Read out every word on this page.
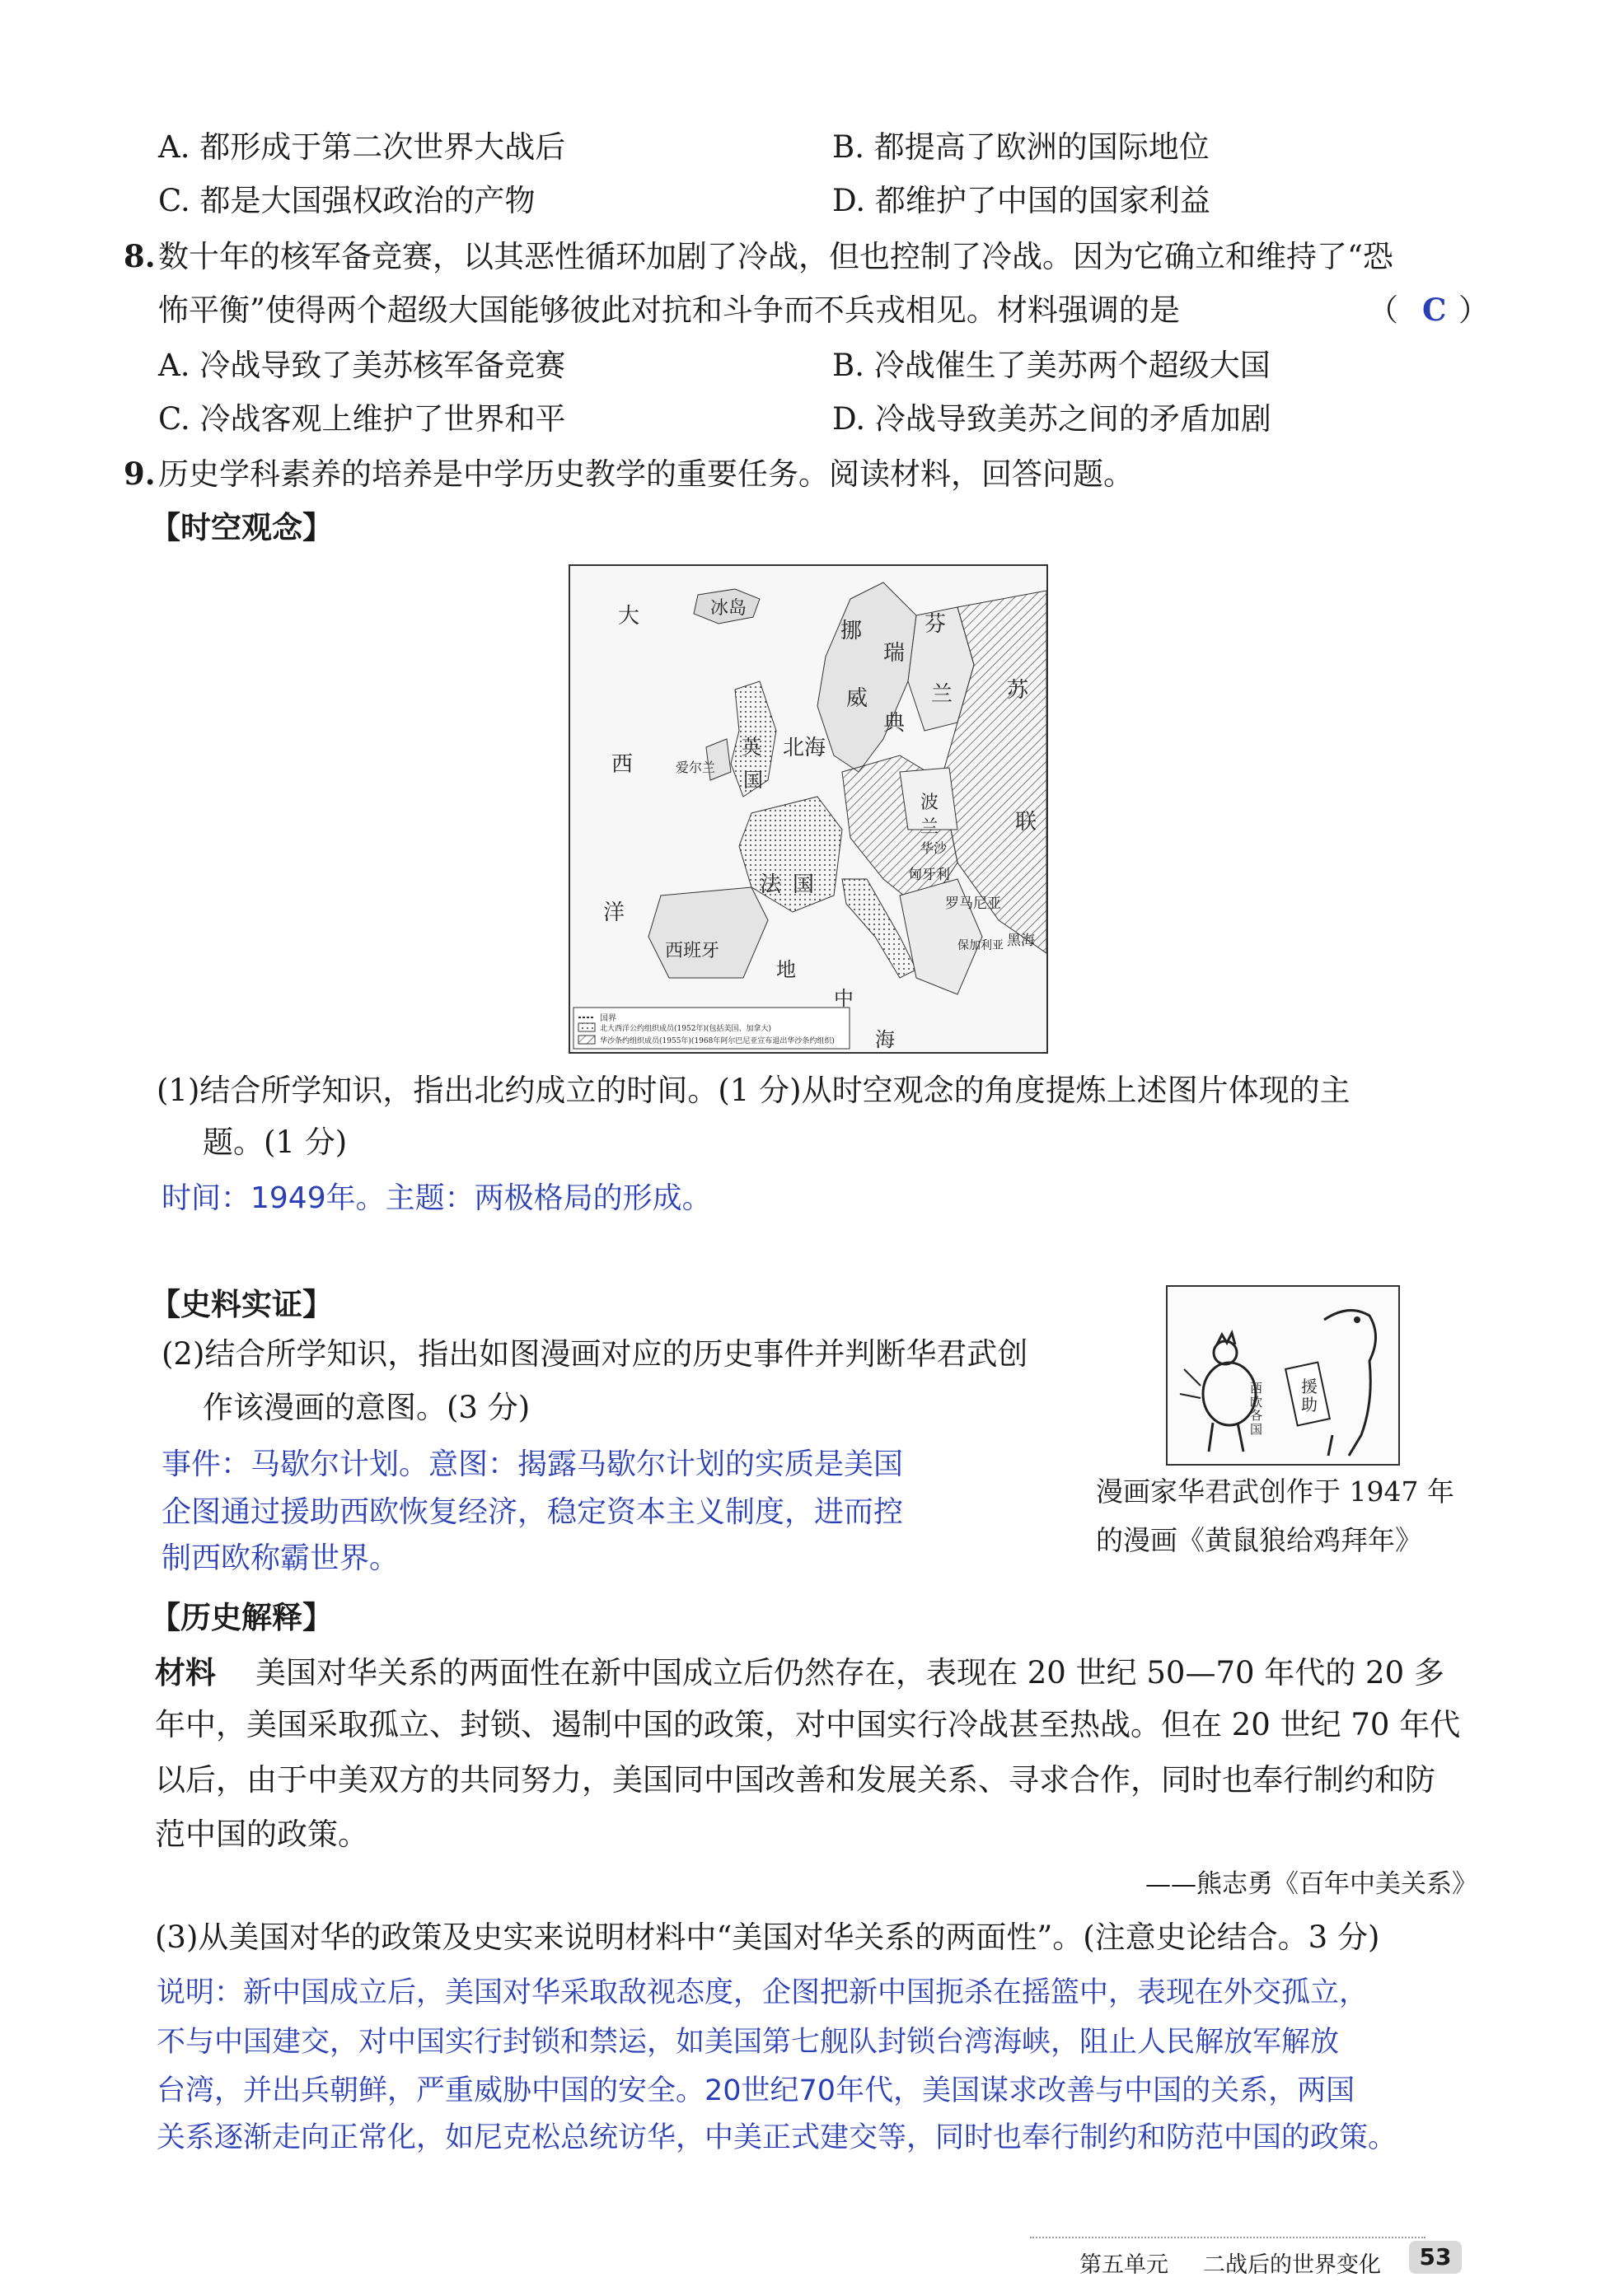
A. 都形成于第二次世界大战后	B. 都提高了欧洲的国际地位
C. 都是大国强权政治的产物	D. 都维护了中国的国家利益
8. 数十年的核军备竞赛，以其恶性循环加剧了冷战，但也控制了冷战。因为它确立和维持了“恐
怖平衡”使得两个超级大国能够彼此对抗和斗争而不兵戎相见。材料强调的是	（ C ）
A. 冷战导致了美苏核军备竞赛	B. 冷战催生了美苏两个超级大国
C. 冷战客观上维护了世界和平	D. 冷战导致美苏之间的矛盾加剧
9. 历史学科素养的培养是中学历史教学的重要任务。阅读材料，回答问题。
【时空观念】
冰岛
大
西
洋
挪
威
瑞
典
芬
兰	苏
联
北海
英
国
爱尔兰
波
兰
华沙
法 国
西班牙
地
中
海
罗马尼亚
匈牙利
黑海
保加利亚
国界
北大西洋公约组织成员(1952年)(包括美国、加拿大)
华沙条约组织成员(1955年)(1968年阿尔巴尼亚宣布退出华沙条约组织)
(1)结合所学知识，指出北约成立的时间。(1 分)从时空观念的角度提炼上述图片体现的主
题。(1 分)
时间：1949年。主题：两极格局的形成。
【史料实证】
(2)结合所学知识，指出如图漫画对应的历史事件并判断华君武创
作该漫画的意图。(3 分)
事件：马歇尔计划。意图：揭露马歇尔计划的实质是美国
企图通过援助西欧恢复经济，稳定资本主义制度，进而控
制西欧称霸世界。
援助
西欧各国
漫画家华君武创作于 1947 年
的漫画《黄鼠狼给鸡拜年》
【历史解释】
材料 美国对华关系的两面性在新中国成立后仍然存在，表现在 20 世纪 50—70 年代的 20 多
年中，美国采取孤立、封锁、遏制中国的政策，对中国实行冷战甚至热战。但在 20 世纪 70 年代
以后，由于中美双方的共同努力，美国同中国改善和发展关系、寻求合作，同时也奉行制约和防
范中国的政策。
——熊志勇《百年中美关系》
(3)从美国对华的政策及史实来说明材料中“美国对华关系的两面性”。(注意史论结合。3 分)
说明：新中国成立后，美国对华采取敌视态度，企图把新中国扼杀在摇篮中，表现在外交孤立，
不与中国建交，对中国实行封锁和禁运，如美国第七舰队封锁台湾海峡，阻止人民解放军解放
台湾，并出兵朝鲜，严重威胁中国的安全。20世纪70年代，美国谋求改善与中国的关系，两国
关系逐渐走向正常化，如尼克松总统访华，中美正式建交等，同时也奉行制约和防范中国的政策。
第五单元 二战后的世界变化	53
